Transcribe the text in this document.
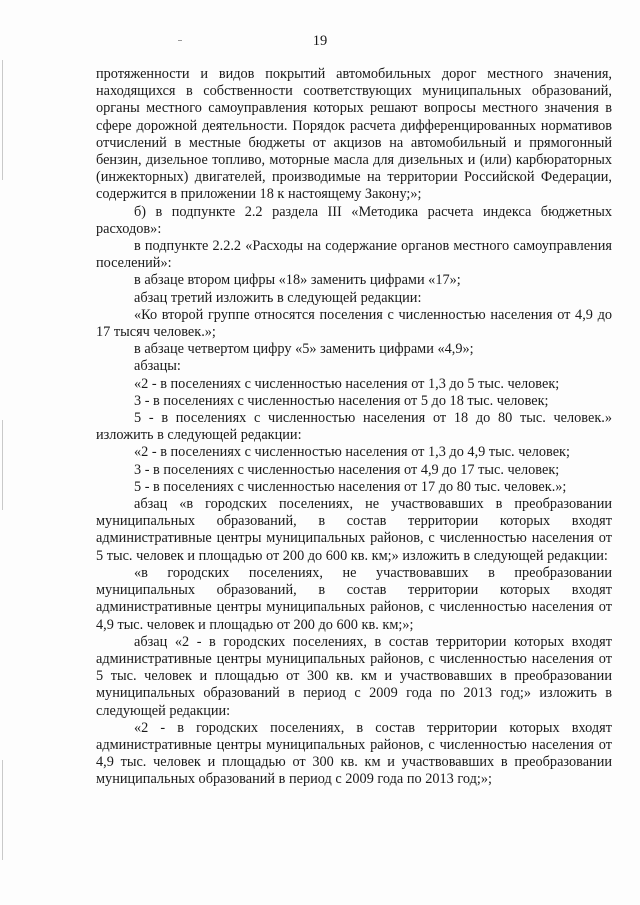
19

протяженности и видов покрытий автомобильных дорог местного значения, находящихся в собственности соответствующих муниципальных образований, органы местного самоуправления которых решают вопросы местного значения в сфере дорожной деятельности. Порядок расчета дифференцированных нормативов отчислений в местные бюджеты от акцизов на автомобильный и прямогонный бензин, дизельное топливо, моторные масла для дизельных и (или) карбюраторных (инжекторных) двигателей, производимые на территории Российской Федерации, содержится в приложении 18 к настоящему Закону;»;

б) в подпункте 2.2 раздела III «Методика расчета индекса бюджетных расходов»:

в подпункте 2.2.2 «Расходы на содержание органов местного самоуправления поселений»:

в абзаце втором цифры «18» заменить цифрами «17»;

абзац третий изложить в следующей редакции:

«Ко второй группе относятся поселения с численностью населения от 4,9 до 17 тысяч человек.»;

в абзаце четвертом цифру «5» заменить цифрами «4,9»;

абзацы:

«2 - в поселениях с численностью населения от 1,3 до 5 тыс. человек;

3 - в поселениях с численностью населения от 5 до 18 тыс. человек;

5 - в поселениях с численностью населения от 18 до 80 тыс. человек.» изложить в следующей редакции:

«2 - в поселениях с численностью населения от 1,3 до 4,9 тыс. человек;

3 - в поселениях с численностью населения от 4,9 до 17 тыс. человек;

5 - в поселениях с численностью населения от 17 до 80 тыс. человек.»;

абзац «в городских поселениях, не участвовавших в преобразовании муниципальных образований, в состав территории которых входят административные центры муниципальных районов, с численностью населения от 5 тыс. человек и площадью от 200 до 600 кв. км;» изложить в следующей редакции:

«в городских поселениях, не участвовавших в преобразовании муниципальных образований, в состав территории которых входят административные центры муниципальных районов, с численностью населения от 4,9 тыс. человек и площадью от 200 до 600 кв. км;»;

абзац «2 - в городских поселениях, в состав территории которых входят административные центры муниципальных районов, с численностью населения от 5 тыс. человек и площадью от 300 кв. км и участвовавших в преобразовании муниципальных образований в период с 2009 года по 2013 год;» изложить в следующей редакции:

«2 - в городских поселениях, в состав территории которых входят административные центры муниципальных районов, с численностью населения от 4,9 тыс. человек и площадью от 300 кв. км и участвовавших в преобразовании муниципальных образований в период с 2009 года по 2013 год;»;
